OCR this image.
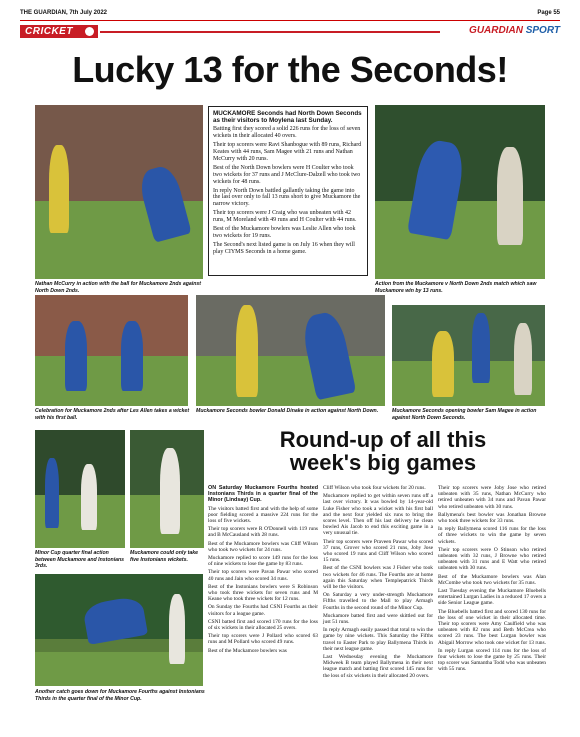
THE GUARDIAN, 7th July 2022	Page 55
CRICKET	GUARDIAN SPORT
Lucky 13 for the Seconds!
Nathan McCurry in action with the ball for Muckamore 2nds against North Down 2nds.

MUCKAMORE Seconds had North Down Seconds as their visitors to Moylena last Sunday.

Batting first they scored a solid 226 runs for the loss of seven wickets in their allocated 40 overs.

Their top scorers were Ravi Shanbogue with 89 runs, Richard Keates with 44 runs, Sam Magee with 21 runs and Nathan McCurry with 20 runs.

Best of the North Down bowlers were H Coulter who took two wickets for 37 runs and J McClure-Dalzell who took two wickets for 48 runs.

In reply North Down battled gallantly taking the game into the last over only to fall 13 runs short to give Muckamore the narrow victory.

Their top scorers were J Craig who was unbeaten with 42 runs, M Moreland with 49 runs and H Coulter with 44 runs.

Best of the Muckamore bowlers was Leslie Allen who took two wickets for 19 runs.

The Second's next listed game is on July 16 when they will play CIYMS Seconds in a home game.

Action from the Muckamore v North Down 2nds match which saw Muckamore win by 13 runs.
Celebration for Muckamore 2nds after Les Allen takes a wicket with his first ball.
Muckamore Seconds bowler Donald Dinake in action against North Down.	Muckamore Seconds opening bowler Sam Magee in action against North Down Seconds.
Round-up of all this
week's big games
Minor Cup quarter final action between Muckamore and Instonians 3rds.
Muckamore could only take five Instonians wickets.
Another catch goes down for Muckamore Fourths against Instonians Thirds in the quarter final of the Minor Cup.

ON Saturday Muckamore Fourths hosted Instonians Thirds in a quarter final of the Minor (Lindsay) Cup.

The visitors batted first and with the help of some poor fielding scored a massive 224 runs for the loss of five wickets.

Their top scorers were R O'Donnell with 119 runs and B McCausland with 28 runs.

Best of the Muckamore bowlers was Cliff Wilson who took two wickets for 24 runs.

Muckamore replied to score 149 runs for the loss of nine wickets to lose the game by 83 runs.

Their top scorers were Pavan Pawar who scored 40 runs and Jain who scored 34 runs.

Best of the Instonians bowlers were S Robinson who took three wickets for seven runs and M Keane who took three wickets for 12 runs.

On Sunday the Fourths had CSNI Fourths as their visitors for a league game.

CSNI batted first and scored 170 runs for the loss of six wickets in their allocated 25 overs.

Their top scorers were J Pollard who scored 63 runs and M Pollard who scored 49 runs.

Best of the Muckamore bowlers was

Cliff Wilson who took four wickets for 20 runs.

Muckamore replied to get within seven runs off a last over victory. It was bowled by 14-year-old Luke Fisher who took a wicket with his first ball and the next four yielded six runs to bring the scores level. Then off his last delivery he clean bowled Ais Jacob to end this exciting game in a very unusual tie.

Their top scorers were Praveen Pawar who scored 37 runs, Grover who scored 21 runs, Joby Jose who scored 19 runs and Cliff Wilson who scored 15 runs.

Best of the CSNI bowlers was J Fisher who took two wickets for 46 runs. The Fourths are at home again this Saturday when Templepatrick Thirds will be the visitors.

On Saturday a very under-strength Muckamore Fifths travelled to the Mall to play Armagh Fourths in the second round of the Minor Cup.

Muckamore batted first and were skittled out for just 51 runs.

In reply Armagh easily passed that total to win the game by nine wickets. This Saturday the Fifths travel to Easter Park to play Ballymena Thirds in their next league game.

Last Wednesday evening the Muckamore Midweek B team played Ballymena in their next league match and batting first scored 145 runs for the loss of six wickets in their allocated 20 overs.

Their top scorers were Joby Jose who retired unbeaten with 35 runs, Nathan McCurry who retired unbeaten with 34 runs and Pavan Pawar who retired unbeaten with 30 runs.

Ballymena's best bowler was Jonathan Browne who took three wickets for 33 runs.

In reply Ballymena scored 116 runs for the loss of three wickets to win the game by seven wickets.

Their top scorers were O Stinson who retired unbeaten with 32 runs, J Browne who retired unbeaten with 31 runs and E Watt who retired unbeaten with 30 runs.

Best of the Muckamore bowlers was Alan McCombe who took two wickets for 35 runs.

Last Tuesday evening the Muckamore Bluebells entertained Lurgan Ladies in a reduced 17 overs a side Senior League game.

The Bluebells batted first and scored 130 runs for the loss of one wicket in their allocated time. Their top scorers were Amy Caulfield who was unbeaten with 82 runs and Beth McCrea who scored 23 runs. The best Lurgan bowler was Abigail Morrow who took one wicket for 13 runs.

In reply Lurgan scored 114 runs for the loss of four wickets to lose the game by 25 runs. Their top scorer was Samantha Todd who was unbeaten with 55 runs.
